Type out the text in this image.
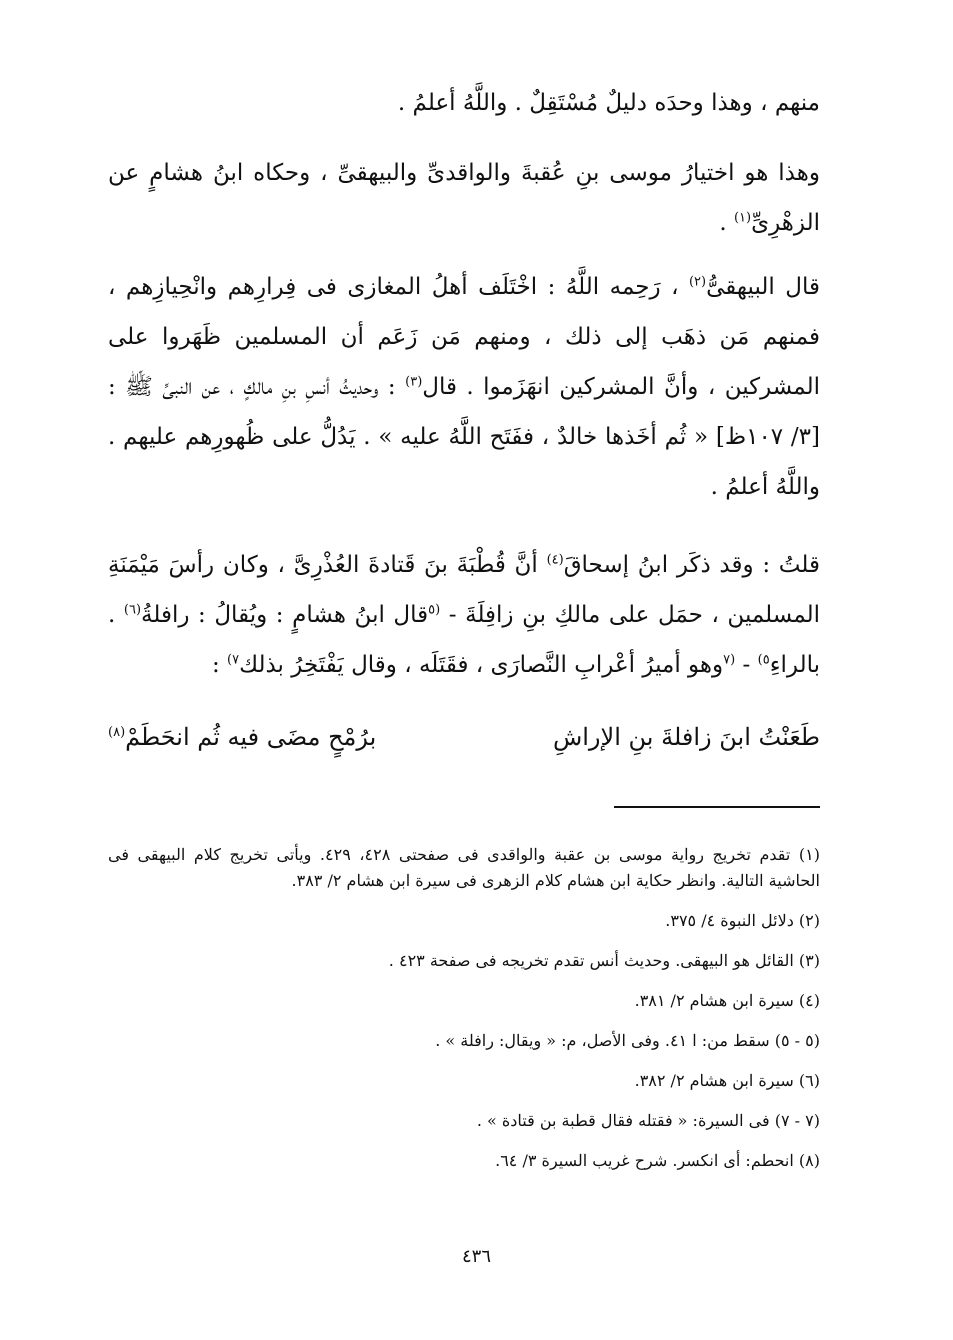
منهم ، وهذا وحدَه دليلٌ مُسْتَقِلٌ . واللَّهُ أعلمُ .

وهذا هو اختيارُ موسى بنِ عُقبةَ والواقدىِّ والبيهقىِّ ، وحكاه ابنُ هشامٍ عن الزهْرِىِّ$^{(١)}$ .

قال البيهقىُّ$^{(٢)}$ ، رَحِمه اللَّهُ : اخْتَلَف أهلُ المغازى فى فِرارِهم وانْحِيازِهم ، فمنهم مَن ذهَب إلى ذلك ، ومنهم مَن زَعَم أن المسلمين ظَهَروا على المشركين ، وأنَّ المشركين انهَزَموا . قال$^{(٣)}$ : وحديثُ أنسِ بنِ مالكٍ ، عن النبىِّ ﷺ : [٣/ ١٠٧ظ] « ثُم أخَذها خالدٌ ، ففَتَح اللَّهُ عليه » . يَدُلُّ على ظُهورِهم عليهم . واللَّهُ أعلمُ .

قلتُ : وقد ذكَر ابنُ إسحاقَ$^{(٤)}$ أنَّ قُطْبَةَ بنَ قَتادةَ العُذْرِىَّ ، وكان رأسَ مَيْمَنَةِ المسلمين ، حمَل على مالكِ بنِ زافِلَةَ - $^{(٥}$قال ابنُ هشامٍ : ويُقالُ : رافلةُ$^{(٦)}$ . بالراءِ$^{٥)}$ - $^{(٧}$وهو أميرُ أعْرابِ النَّصارَى ، فقَتَلَه ، وقال يَفْتَخِرُ بذلك$^{٧)}$ :

طَعَنْتُ ابنَ زافلةَ بنِ الإراشِ
برُمْحٍ مضَى فيه ثُم انحَطَمْ$^{(٨)}$

(١) تقدم تخريج رواية موسى بن عقبة والواقدى فى صفحتى ٤٢٨، ٤٢٩. ويأتى تخريج كلام البيهقى فى الحاشية التالية. وانظر حكاية ابن هشام كلام الزهرى فى سيرة ابن هشام ٢/ ٣٨٣.

(٢) دلائل النبوة ٤/ ٣٧٥.

(٣) القائل هو البيهقى. وحديث أنس تقدم تخريجه فى صفحة ٤٢٣ .

(٤) سيرة ابن هشام ٢/ ٣٨١.

(٥ - ٥) سقط من: ا ٤١. وفى الأصل، م: « ويقال: رافلة » .

(٦) سيرة ابن هشام ٢/ ٣٨٢.

(٧ - ٧) فى السيرة: « فقتله فقال قطبة بن قتادة » .

(٨) انحطم: أى انكسر. شرح غريب السيرة ٣/ ٦٤.

٤٣٦
